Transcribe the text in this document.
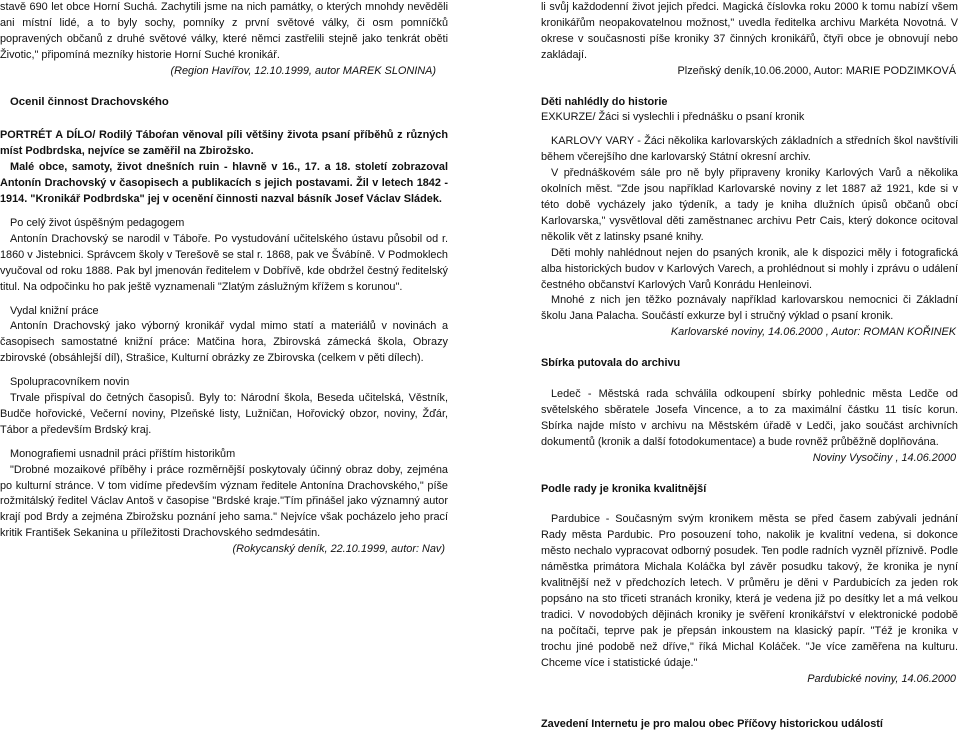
stavě 690 let obce Horní Suchá. Zachytili jsme na nich památky, o kterých mnohdy nevěděli ani místní lidé, a to byly sochy, pomníky z první světové války, či osm pomníčků popravených občanů z druhé světové války, které němci zastřelili stejně jako tenkrát oběti Životic," připomíná mezníky historie Horní Suché kronikář.

(Region Havířov, 12.10.1999, autor MAREK SLONINA)

Ocenil činnost Drachovského

PORTRÉT A DÍLO/ Rodilý Táboŕan věnoval píli většiny života psaní příběhů z různých míst Podbrdska, nejvíce se zaměřil na Zbirožsko.

Malé obce, samoty, život dnešních ruin - hlavně v 16., 17. a 18. století zobrazoval Antonín Drachovský v časopisech a publikacích s jejich postavami. Žil v letech 1842 - 1914. "Kronikář Podbrdska" jej v ocenění činnosti nazval básník Josef Václav Sládek.

Po celý život úspěšným pedagogem

Antonín Drachovský se narodil v Táboře. Po vystudování učitelského ústavu působil od r. 1860 v Jistebnici. Správcem školy v Terešově se stal r. 1868, pak ve Švábíně. V Podmoklech vyučoval od roku 1888. Pak byl jmenován ředitelem v Dobřívě, kde obdržel čestný ředitelský titul. Na odpočinku ho pak ještě vyznamenali "Zlatým záslužným křížem s korunou".

Vydal knižní práce

Antonín Drachovský jako výborný kronikář vydal mimo statí a materiálů v novinách a časopisech samostatné knižní práce: Matčina hora, Zbirovská zámecká škola, Obrazy zbirovské (obsáhlejší díl), Strašice, Kulturní obrázky ze Zbirovska (celkem v pěti dílech).

Spolupracovníkem novin

Trvale přispíval do četných časopisů. Byly to: Národní škola, Beseda učitelská, Věstník, Budče hořovické, Večerní noviny, Plzeňské listy, Lužničan, Hořovický obzor, noviny, Žďár, Tábor a především Brdský kraj.

Monografiemi usnadnil práci příštím historikům

"Drobné mozaikové příběhy i práce rozměrnější poskytovaly účinný obraz doby, zejména po kulturní stránce. V tom vidíme především význam ředitele Antonína Drachovského," píše rožmitálský ředitel Václav Antoš v časopise "Brdské kraje."Tím přinášel jako významný autor krají pod Brdy a zejména Zbirožsku poznání jeho sama." Nejvíce však pocházelo jeho prací kritik František Sekanina u příležitosti Drachovského sedmdesátin.

(Rokycanský deník, 22.10.1999, autor: Nav)

li svůj každodenní život jejich předci. Magická číslovka roku 2000 k tomu nabízí všem kronikářům neopakovatelnou možnost," uvedla ředitelka archivu Markéta Novotná. V okrese v současnosti píše kroniky 37 činných kronikářů, čtyři obce je obnovují nebo zakládají.

Plzeňský deník,10.06.2000, Autor: MARIE PODZIMKOVÁ

Děti nahlédly do historie

EXKURZE/ Žáci si vyslechli i přednášku o psaní kronik

KARLOVY VARY - Žáci několika karlovarských základních a středních škol navštívili během včerejšího dne karlovarský Státní okresní archiv.

V přednáškovém sále pro ně byly připraveny kroniky Karlových Varů a několika okolních měst. "Zde jsou například Karlovarské noviny z let 1887 až 1921, kde si v této době vycházely jako týdeník, a tady je kniha dlužních úpisů občanů obcí Karlovarska," vysvětloval děti zaměstnanec archivu Petr Cais, který dokonce ocitoval několik vět z latinsky psané knihy.

Děti mohly nahlédnout nejen do psaných kronik, ale k dispozici měly i fotografická alba historických budov v Karlových Varech, a prohlédnout si mohly i zprávu o událení čestného občanství Karlových Varů Konrádu Henleinovi.

Mnohé z nich jen těžko poznávaly například karlovarskou nemocnici či Základní školu Jana Palacha. Součástí exkurze byl i stručný výklad o psaní kronik.

Karlovarské noviny, 14.06.2000 , Autor: ROMAN KOŘINEK

Sbírka putovala do archivu

Ledeč - Městská rada schválila odkoupení sbírky pohlednic města Ledče od světelského sběratele Josefa Vincence, a to za maximální částku 11 tisíc korun. Sbírka najde místo v archivu na Městském úřadě v Ledči, jako součást archivních dokumentů (kronik a další fotodokumentace) a bude rovněž průběžně doplňována.

Noviny Vysočiny , 14.06.2000

Podle rady je kronika kvalitnější

Pardubice - Současným svým kronikem města se před časem zabývali jednání Rady města Pardubic. Pro posouzení toho, nakolik je kvalitní vedena, si dokonce město nechalo vypracovat odborný posudek. Ten podle radních vyzněl příznivě. Podle náměstka primátora Michala Koláčka byl závěr posudku takový, že kronika je nyní kvalitnější než v předchozích letech. V průměru je děni v Pardubicích za jeden rok popsáno na sto třiceti stranách kroniky, která je vedena již po desítky let a má velkou tradici. V novodobých dějinách kroniky je svěření kronikářství v elektronické podobě na počítači, teprve pak je přepsán inkoustem na klasický papír. "Též je kronika v trochu jiné podobě než dříve," říká Michal Koláček. "Je více zaměřena na kulturu. Chceme více i statistické údaje."

Pardubické noviny, 14.06.2000

Zavedení Internetu je pro malou obec Příčovy historickou událostí
